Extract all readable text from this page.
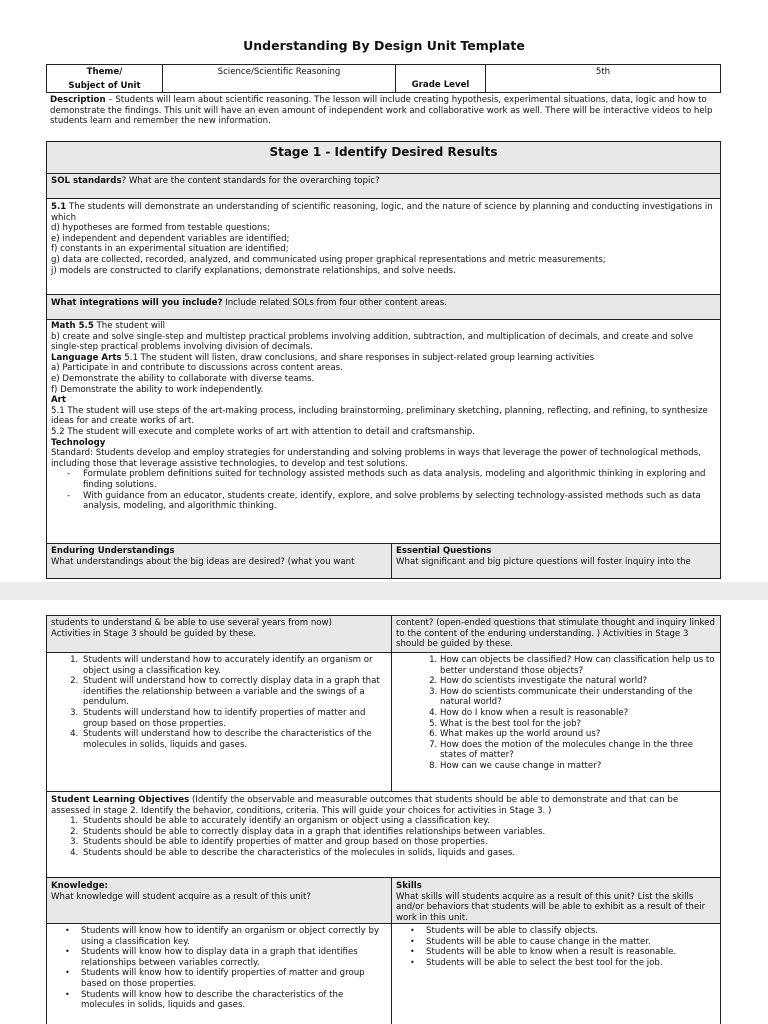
Understanding By Design Unit Template
Theme/
Subject of Unit
Science/Scientific Reasoning
Grade Level
5th
Description – Students will learn about scientific reasoning. The lesson will include creating hypothesis, experimental situations, data, logic and how to demonstrate the findings. This unit will have an even amount of independent work and collaborative work as well. There will be interactive videos to help students learn and remember the new information.
Stage 1 - Identify Desired Results
SOL standards? What are the content standards for the overarching topic?
5.1 The students will demonstrate an understanding of scientific reasoning, logic, and the nature of science by planning and conducting investigations in which
d) hypotheses are formed from testable questions;
e) independent and dependent variables are identified;
f) constants in an experimental situation are identified;
g) data are collected, recorded, analyzed, and communicated using proper graphical representations and metric measurements;
j) models are constructed to clarify explanations, demonstrate relationships, and solve needs.
What integrations will you include? Include related SOLs from four other content areas.
Math 5.5 The student will
b) create and solve single-step and multistep practical problems involving addition, subtraction, and multiplication of decimals, and create and solve single-step practical problems involving division of decimals.
Language Arts 5.1 The student will listen, draw conclusions, and share responses in subject-related group learning activities
a) Participate in and contribute to discussions across content areas.
e) Demonstrate the ability to collaborate with diverse teams.
f) Demonstrate the ability to work independently.
Art
5.1 The student will use steps of the art-making process, including brainstorming, preliminary sketching, planning, reflecting, and refining, to synthesize ideas for and create works of art.
5.2 The student will execute and complete works of art with attention to detail and craftsmanship.
Technology
Standard: Students develop and employ strategies for understanding and solving problems in ways that leverage the power of technological methods, including those that leverage assistive technologies, to develop and test solutions.
- Formulate problem definitions suited for technology assisted methods such as data analysis, modeling and algorithmic thinking in exploring and finding solutions.
- With guidance from an educator, students create, identify, explore, and solve problems by selecting technology-assisted methods such as data analysis, modeling, and algorithmic thinking.
Enduring Understandings
What understandings about the big ideas are desired? (what you want
Essential Questions
What significant and big picture questions will foster inquiry into the
students to understand & be able to use several years from now)
Activities in Stage 3 should be guided by these.
content? (open-ended questions that stimulate thought and inquiry linked to the content of the enduring understanding. ) Activities in Stage 3 should be guided by these.
1. Students will understand how to accurately identify an organism or object using a classification key.
2. Student will understand how to correctly display data in a graph that identifies the relationship between a variable and the swings of a pendulum.
3. Students will understand how to identify properties of matter and group based on those properties.
4. Students will understand how to describe the characteristics of the molecules in solids, liquids and gases.
1. How can objects be classified? How can classification help us to better understand those objects?
2. How do scientists investigate the natural world?
3. How do scientists communicate their understanding of the natural world?
4. How do I know when a result is reasonable?
5. What is the best tool for the job?
6. What makes up the world around us?
7. How does the motion of the molecules change in the three states of matter?
8. How can we cause change in matter?
Student Learning Objectives (Identify the observable and measurable outcomes that students should be able to demonstrate and that can be assessed in stage 2. Identify the behavior, conditions, criteria. This will guide your choices for activities in Stage 3. )
1. Students should be able to accurately identify an organism or object using a classification key.
2. Students should be able to correctly display data in a graph that identifies relationships between variables.
3. Students should be able to identify properties of matter and group based on those properties.
4. Students should be able to describe the characteristics of the molecules in solids, liquids and gases.
Knowledge:
What knowledge will student acquire as a result of this unit?
Skills
What skills will students acquire as a result of this unit? List the skills and/or behaviors that students will be able to exhibit as a result of their work in this unit.
• Students will know how to identify an organism or object correctly by using a classification key.
• Students will know how to display data in a graph that identifies relationships between variables correctly.
• Students will know how to identify properties of matter and group based on those properties.
• Students will know how to describe the characteristics of the molecules in solids, liquids and gases.
• Students will be able to classify objects.
• Students will be able to cause change in the matter.
• Students will be able to know when a result is reasonable.
• Students will be able to select the best tool for the job.
